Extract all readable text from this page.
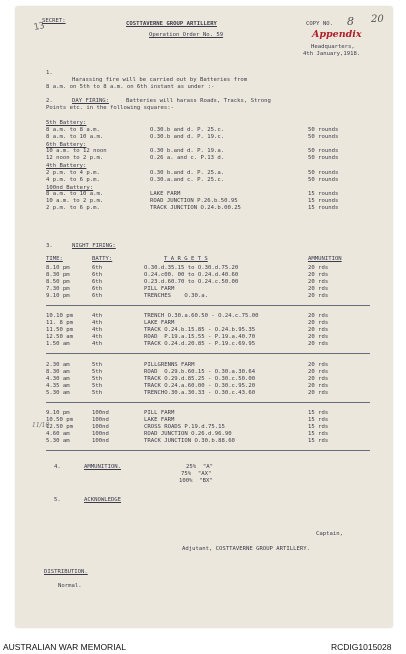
13
SECRET:	COSTTAVERNE GROUP ARTILLERY
Operation Order No. 59
COPY NO. 8 20
Appendix
Headquarters,
4th January,1918.
1.
Harassing fire will be carried out by Batteries from
8 a.m. on 5th to 8 a.m. on 6th instant as under :-
2.	DAY FIRING:	Batteries will harass Roads, Tracks, Strong
Points etc. in the following squares:-
5th Battery:
8 a.m. to 8 a.m.	O.30.b and d. P. 25.c.	50 rounds
8 a.m. to 10 a.m.	O.30.b and d. P. 19.c.	50 rounds
6th Battery:
10 a.m. to 12 noon	O.30 b.and d. P. 19.a.	50 rounds
12 noon to 2 p.m.	O.26 a. and c. P.13 d.	50 rounds
4th Battery:
2 p.m. to 4 p.m.	O.30 b.and d. P. 25.a.	50 rounds
4 p.m. to 6 p.m.	O.30.a.and c. P. 25.c.	50 rounds
100nd Battery:
8 a.m. to 10 a.m.	LAKE FARM	15 rounds
10 a.m. to 2 p.m.	ROAD JUNCTION P.26.b.50.95	15 rounds
2 p.m. to 6 p.m.	TRACK JUNCTION O.24.b.00.25	15 rounds
3.	NIGHT FIRING:
TIME:	BATTY:	T A R G E T S	AMMUNITION
8.10 pm	6th	O.30.d.35.15 to O.30.d.75.20	20 rds
8.30 pm	6th	O.24.c00. 00 to O.24.d.40.60	20 rds
8.50 pm	6th	O.23.d.60.70 to O.24.c.50.00	20 rds
7.30 pm	6th	PILL FARM	20 rds
9.10 pm	6th	TRENCHES    O.30.a.	20 rds
10.10 pm	4th	TRENCH O.30.a.60.50 - O.24.c.75.00	20 rds
11. 8 pm	4th	LAKE FARM	20 rds
11.50 pm	4th	TRACK O.24.b.15.85 - O.24.b.95.35	20 rds
12.50 am	4th	ROAD  P.19.a.15.55 - P.19.a.40.70	20 rds
1.50 am	4th	TRACK O.24.d.20.85 - P.19.c.69.95	20 rds
2.30 am	5th	PILLGRENNS FARM	20 rds
8.30 am	5th	ROAD  O.29.b.60.15 - O.30.a.30.64	20 rds
4.30 am	5th	TRACK O.29.d.85.25 - O.30.c.50.00	20 rds
4.35 am	5th	TRACK O.24.a.60.00 - O.30.c.95.20	20 rds
5.30 am	5th	TRENCHO.30.a.30.33 - O.30.c.43.60	20 rds
9.10 pm	100nd	PILL FARM	15 rds
10.50 pm	100nd	LAKE FARM	15 rds
12.50 pm	100nd	CROSS ROADS P.19.d.75.15	15 rds
4.60 am	100nd	ROAD JUNCTION O.26.d.96.90	15 rds
5.30 am	100nd	TRACK JUNCTION O.30.b.88.60	15 rds
11/10
4.	AMMUNITION.	25%  "A"
75%  "AX"
100%  "BX"
5.	ACKNOWLEDGE
Captain,
Adjutant, COSTTAVERNE GROUP ARTILLERY.
DISTRIBUTION.
Normal.
AUSTRALIAN WAR MEMORIAL	RCDIG1015028
